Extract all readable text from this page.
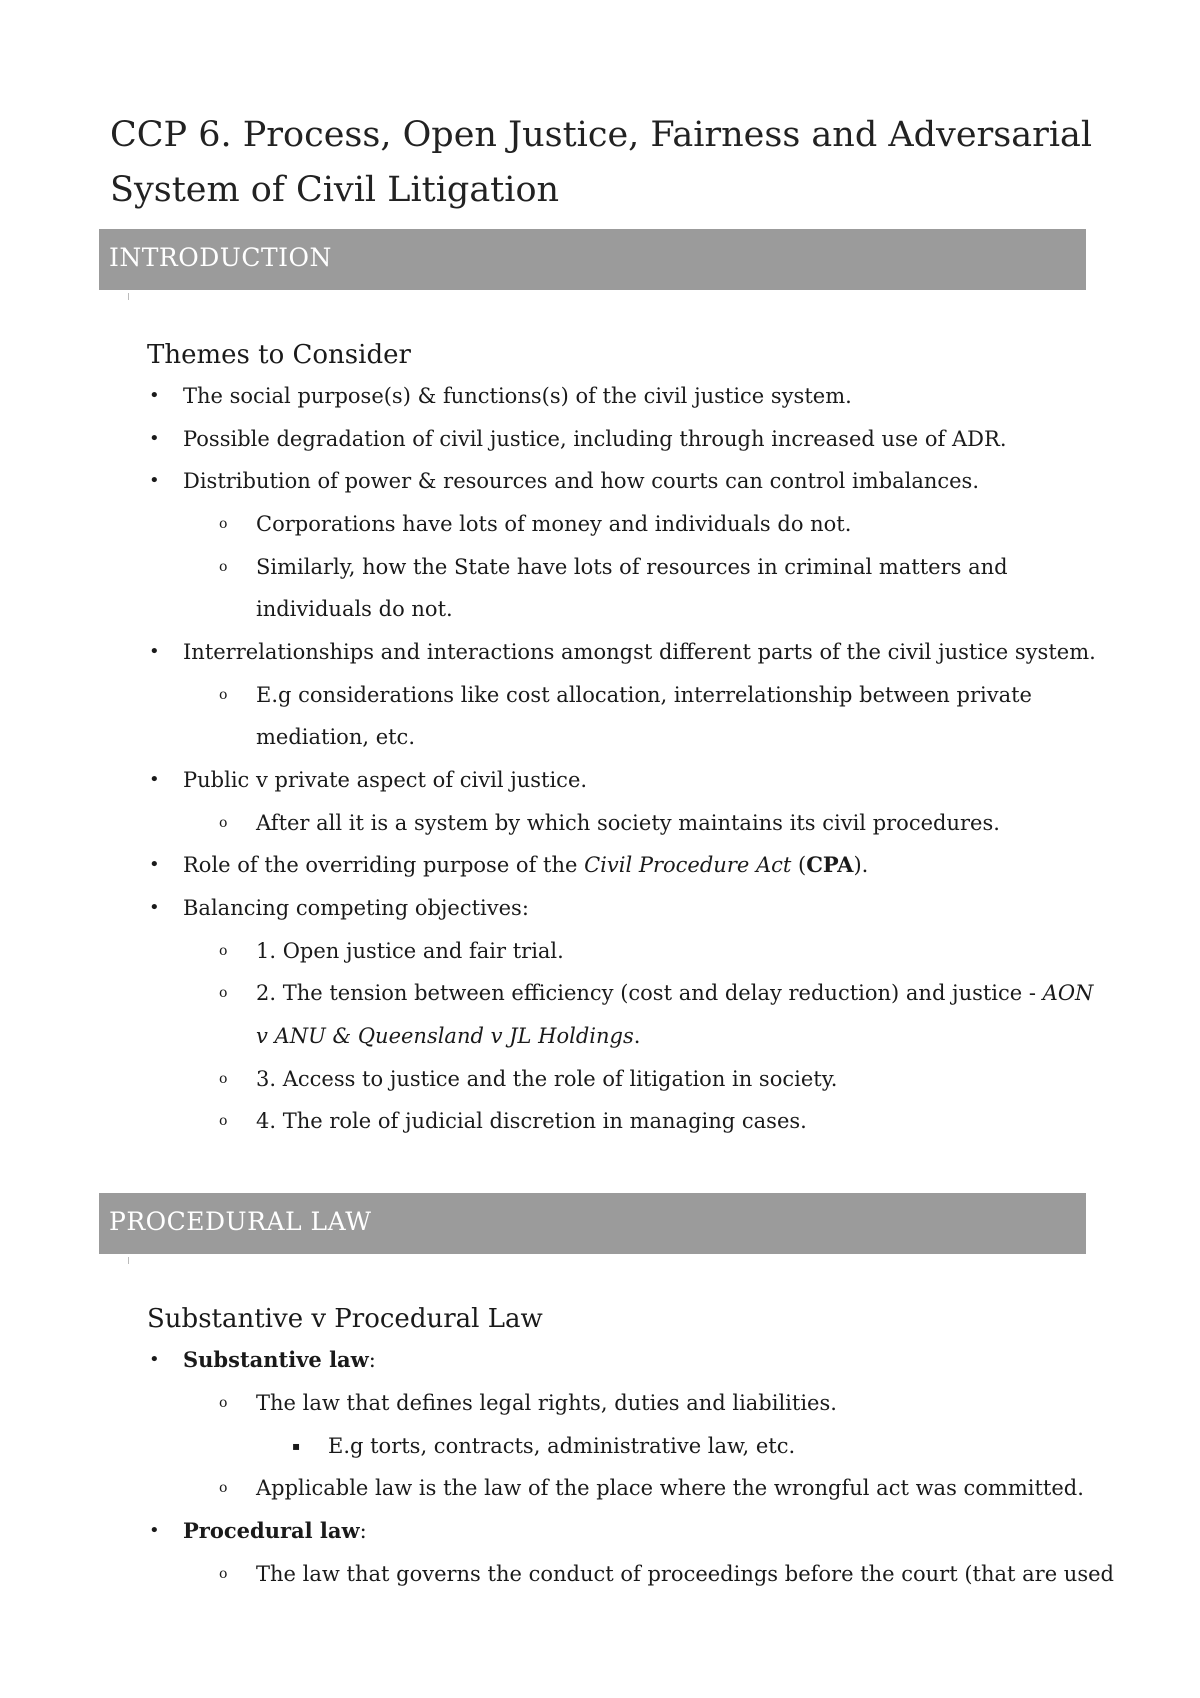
CCP 6. Process, Open Justice, Fairness and Adversarial
System of Civil Litigation
INTRODUCTION
Themes to Consider
• The social purpose(s) & functions(s) of the civil justice system.
• Possible degradation of civil justice, including through increased use of ADR.
• Distribution of power & resources and how courts can control imbalances.
o Corporations have lots of money and individuals do not.
o Similarly, how the State have lots of resources in criminal matters and
individuals do not.
• Interrelationships and interactions amongst different parts of the civil justice system.
o E.g considerations like cost allocation, interrelationship between private
mediation, etc.
• Public v private aspect of civil justice.
o After all it is a system by which society maintains its civil procedures.
• Role of the overriding purpose of the Civil Procedure Act (CPA).
• Balancing competing objectives:
o 1. Open justice and fair trial.
o 2. The tension between efficiency (cost and delay reduction) and justice - AON
v ANU & Queensland v JL Holdings.
o 3. Access to justice and the role of litigation in society.
o 4. The role of judicial discretion in managing cases.
PROCEDURAL LAW
Substantive v Procedural Law
• Substantive law:
o The law that defines legal rights, duties and liabilities.
▪ E.g torts, contracts, administrative law, etc.
o Applicable law is the law of the place where the wrongful act was committed.
• Procedural law:
o The law that governs the conduct of proceedings before the court (that are used
